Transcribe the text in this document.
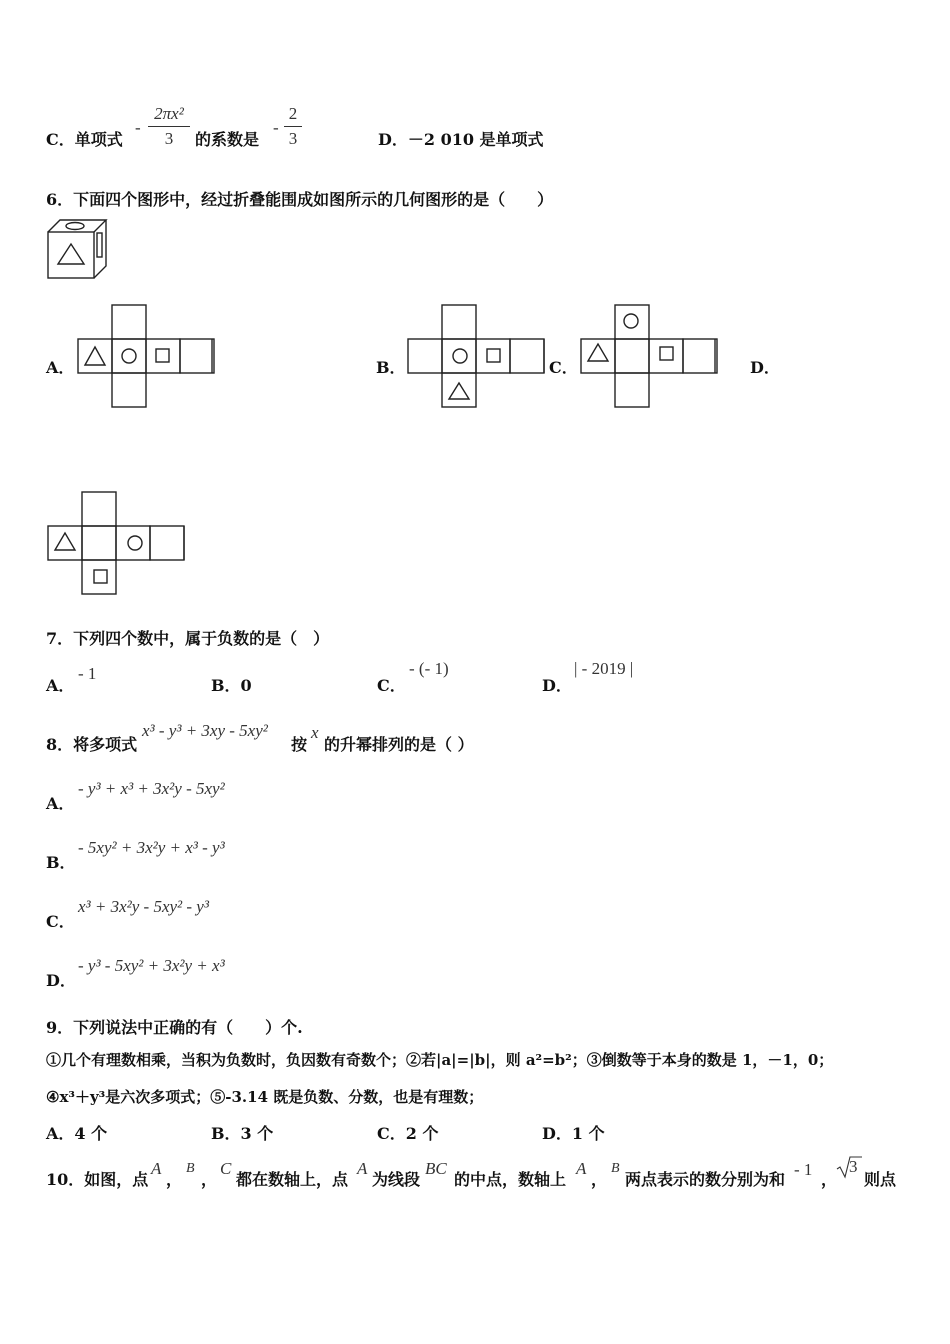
C．单项式
-
2πx²
3	的系数是
-
2
3	D．－2 010 是单项式
6．下面四个图形中，经过折叠能围成如图所示的几何图形的是（　　）
A．	B．	C．	D．
7．下列四个数中，属于负数的是（　）
A．
- 1
B．0	C．
- (- 1)
D．
| - 2019 |
8．将多项式
x³ - y³ + 3xy - 5xy²
按
x
的升幂排列的是（ ）
A．
- y³ + x³ + 3x²y - 5xy²
B．
- 5xy² + 3x²y + x³ - y³
C．
x³ + 3x²y - 5xy² - y³
D．
- y³ - 5xy² + 3x²y + x³
9．下列说法中正确的有（　　）个.
①几个有理数相乘，当积为负数时，负因数有奇数个；②若|a|=|b|，则 a²=b²；③倒数等于本身的数是 1，－1，0；
④x³＋y³是六次多项式；⑤-3.14 既是负数、分数，也是有理数；
A．4 个	B．3 个	C．2 个	D．1 个
10．如图，点
A
，
B
，
C
都在数轴上，点
A
为线段
BC
的中点，数轴上
A
，
B
两点表示的数分别为和
- 1
，
3
则点
